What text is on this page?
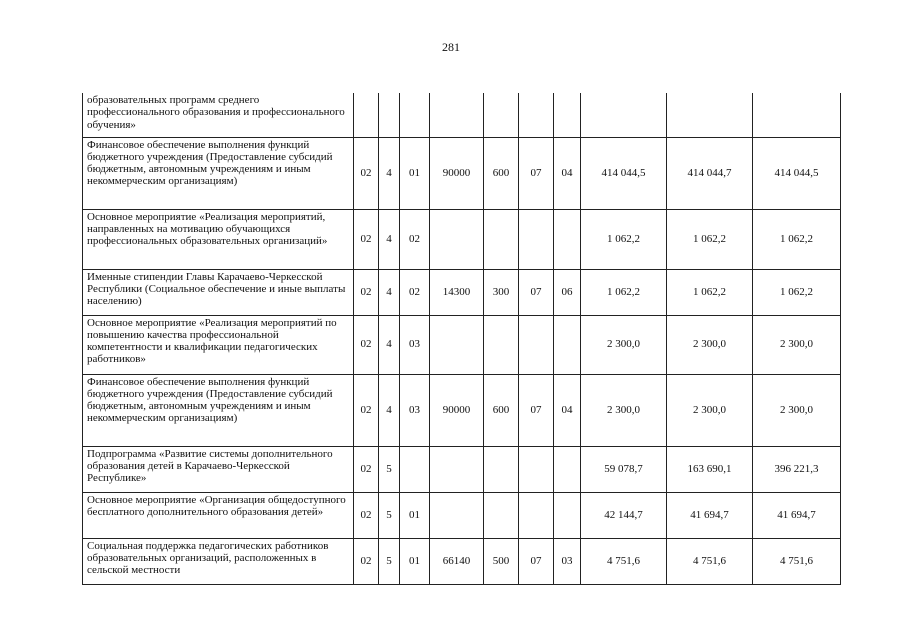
281
образовательных программ среднего профессионального образования и профессионального обучения»										
Финансовое обеспечение выполнения функций бюджетного учреждения (Предоставление субсидий бюджетным, автономным учреждениям и иным некоммерческим организациям)	02	4	01	90000	600	07	04	414 044,5	414 044,7	414 044,5
Основное мероприятие «Реализация мероприятий, направленных на мотивацию обучающихся профессиональных образовательных организаций»	02	4	02					1 062,2	1 062,2	1 062,2
Именные стипендии Главы Карачаево-Черкесской Республики (Социальное обеспечение и иные выплаты населению)	02	4	02	14300	300	07	06	1 062,2	1 062,2	1 062,2
Основное мероприятие «Реализация мероприятий по повышению качества профессиональной компетентности и квалификации педагогических работников»	02	4	03					2 300,0	2 300,0	2 300,0
Финансовое обеспечение выполнения функций бюджетного учреждения (Предоставление субсидий бюджетным, автономным учреждениям и иным некоммерческим организациям)	02	4	03	90000	600	07	04	2 300,0	2 300,0	2 300,0
Подпрограмма «Развитие системы дополнительного образования детей в Карачаево-Черкесской Республике»	02	5						59 078,7	163 690,1	396 221,3
Основное мероприятие «Организация общедоступного бесплатного дополнительного образования детей»	02	5	01					42 144,7	41 694,7	41 694,7
Социальная поддержка педагогических работников образовательных организаций, расположенных в сельской местности	02	5	01	66140	500	07	03	4 751,6	4 751,6	4 751,6
